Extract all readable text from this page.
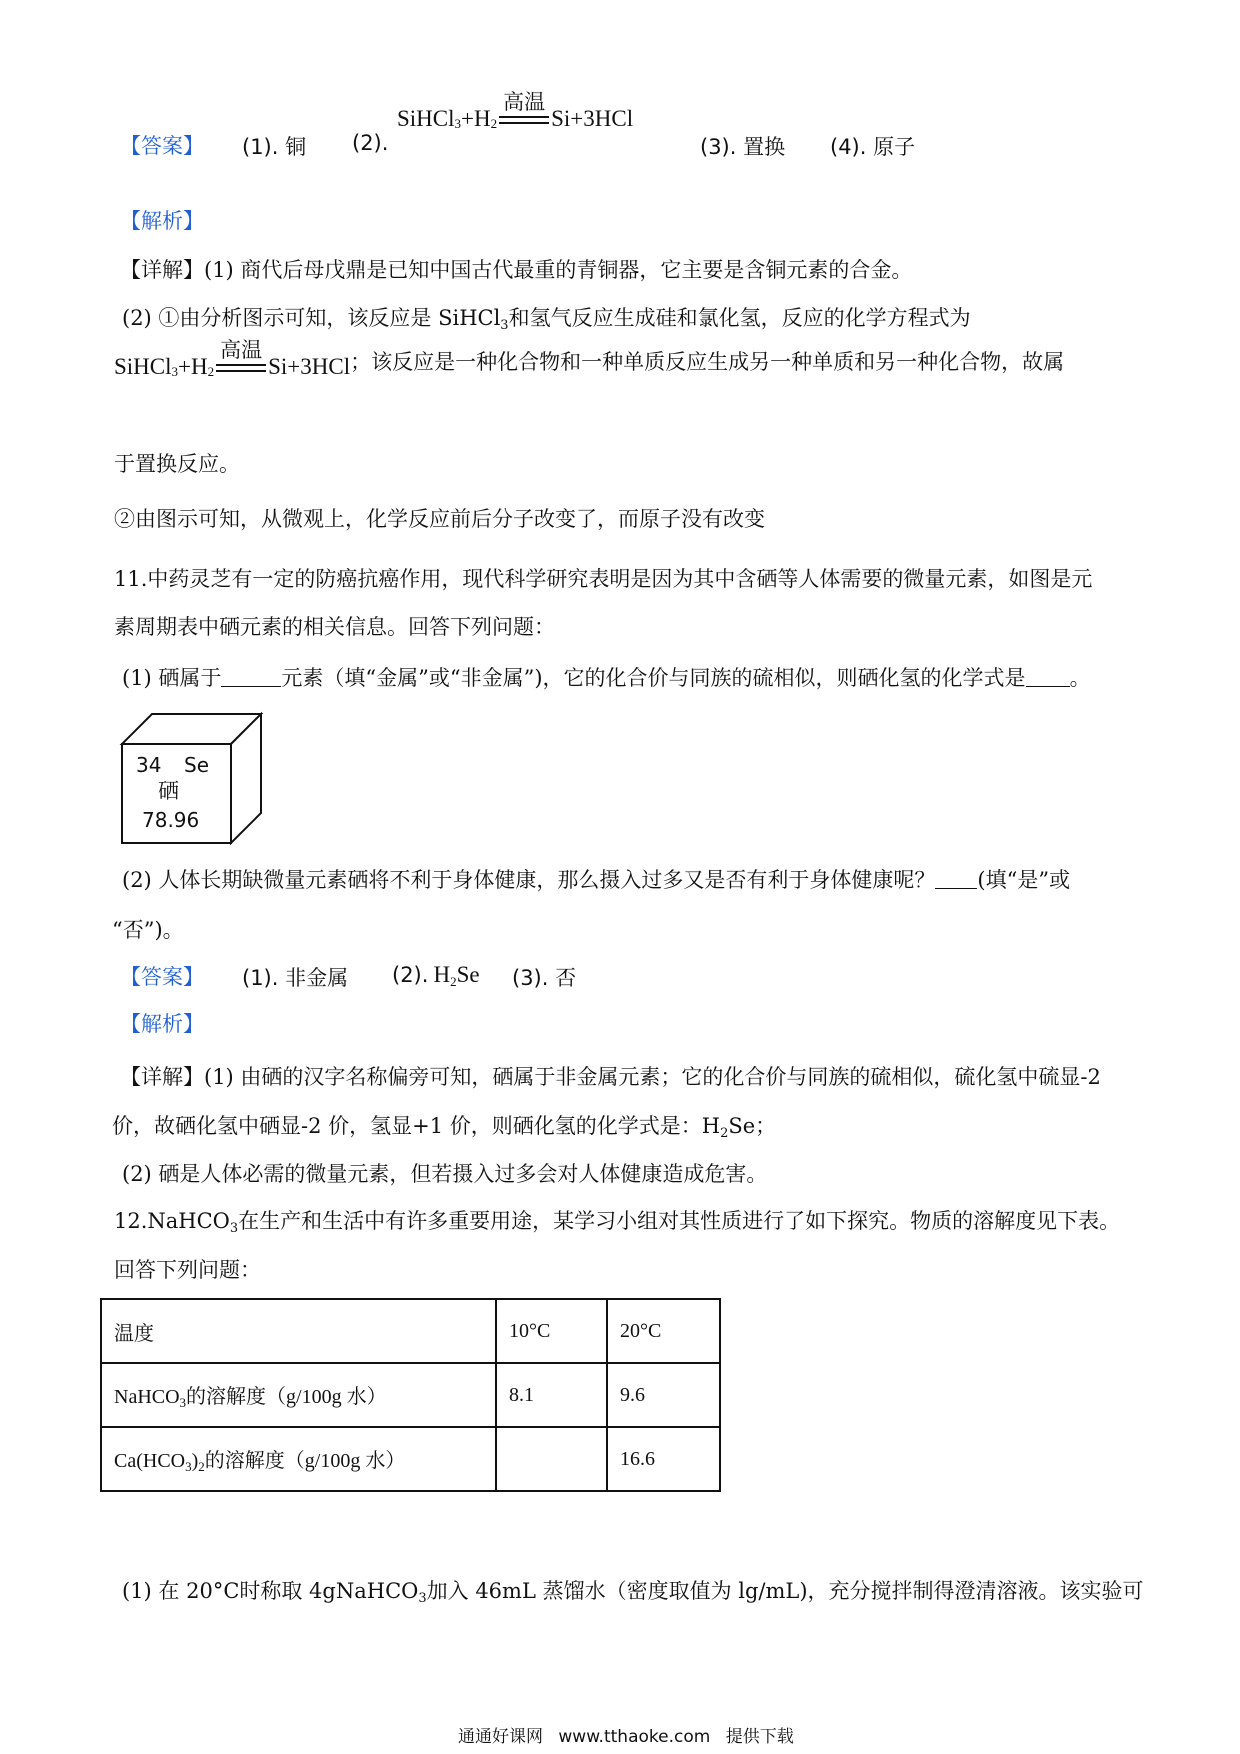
【答案】 (1). 铜 (2).
SiHCl 3 +H 2
高温
Si+3HCl
(3). 置换 (4). 原子
【解析】
【详解】(1) 商代后母戊鼎是已知中国古代最重的青铜器，它主要是含铜元素的合金。
(2) ①由分析图示可知，该反应是 SiHCl$_3$和氢气反应生成硅和氯化氢，反应的化学方程式为
SiHCl 3 +H 2
高温
Si+3HCl ；该反应是一种化合物和一种单质反应生成另一种单质和另一种化合物，故属
于置换反应。
②由图示可知，从微观上，化学反应前后分子改变了，而原子没有改变
11.中药灵芝有一定的防癌抗癌作用，现代科学研究表明是因为其中含硒等人体需要的微量元素，如图是元
素周期表中硒元素的相关信息。回答下列问题：
(1) 硒属于	元素（填“金属”或“非金属”)，它的化合价与同族的硫相似，则硒化氢的化学式是 。
34 Se
硒
78.96
(2) 人体长期缺微量元素硒将不利于身体健康，那么摄入过多又是否有利于身体健康呢？ (填“是”或
“否”)。
【答案】 (1). 非金属 (2). $H_2Se$ (3). 否
【解析】
【详解】(1) 由硒的汉字名称偏旁可知，硒属于非金属元素；它的化合价与同族的硫相似，硫化氢中硫显-2
价，故硒化氢中硒显-2 价，氢显+1 价，则硒化氢的化学式是：$H_2Se$；
(2) 硒是人体必需的微量元素，但若摄入过多会对人体健康造成危害。
12.NaHCO$_3$在生产和生活中有许多重要用途，某学习小组对其性质进行了如下探究。物质的溶解度见下表。
回答下列问题：
温度	10°C	20°C
NaHCO$_3$的溶解度（g/100g 水）	8.1	9.6
$Ca(HCO_3)_2$的溶解度（g/100g 水）		16.6
(1) 在 20°C时称取 4gNaHCO$_3$加入 46mL 蒸馏水（密度取值为 lg/mL)，充分搅拌制得澄清溶液。该实验可
通通好课网 www.tthaoke.com 提供下载
